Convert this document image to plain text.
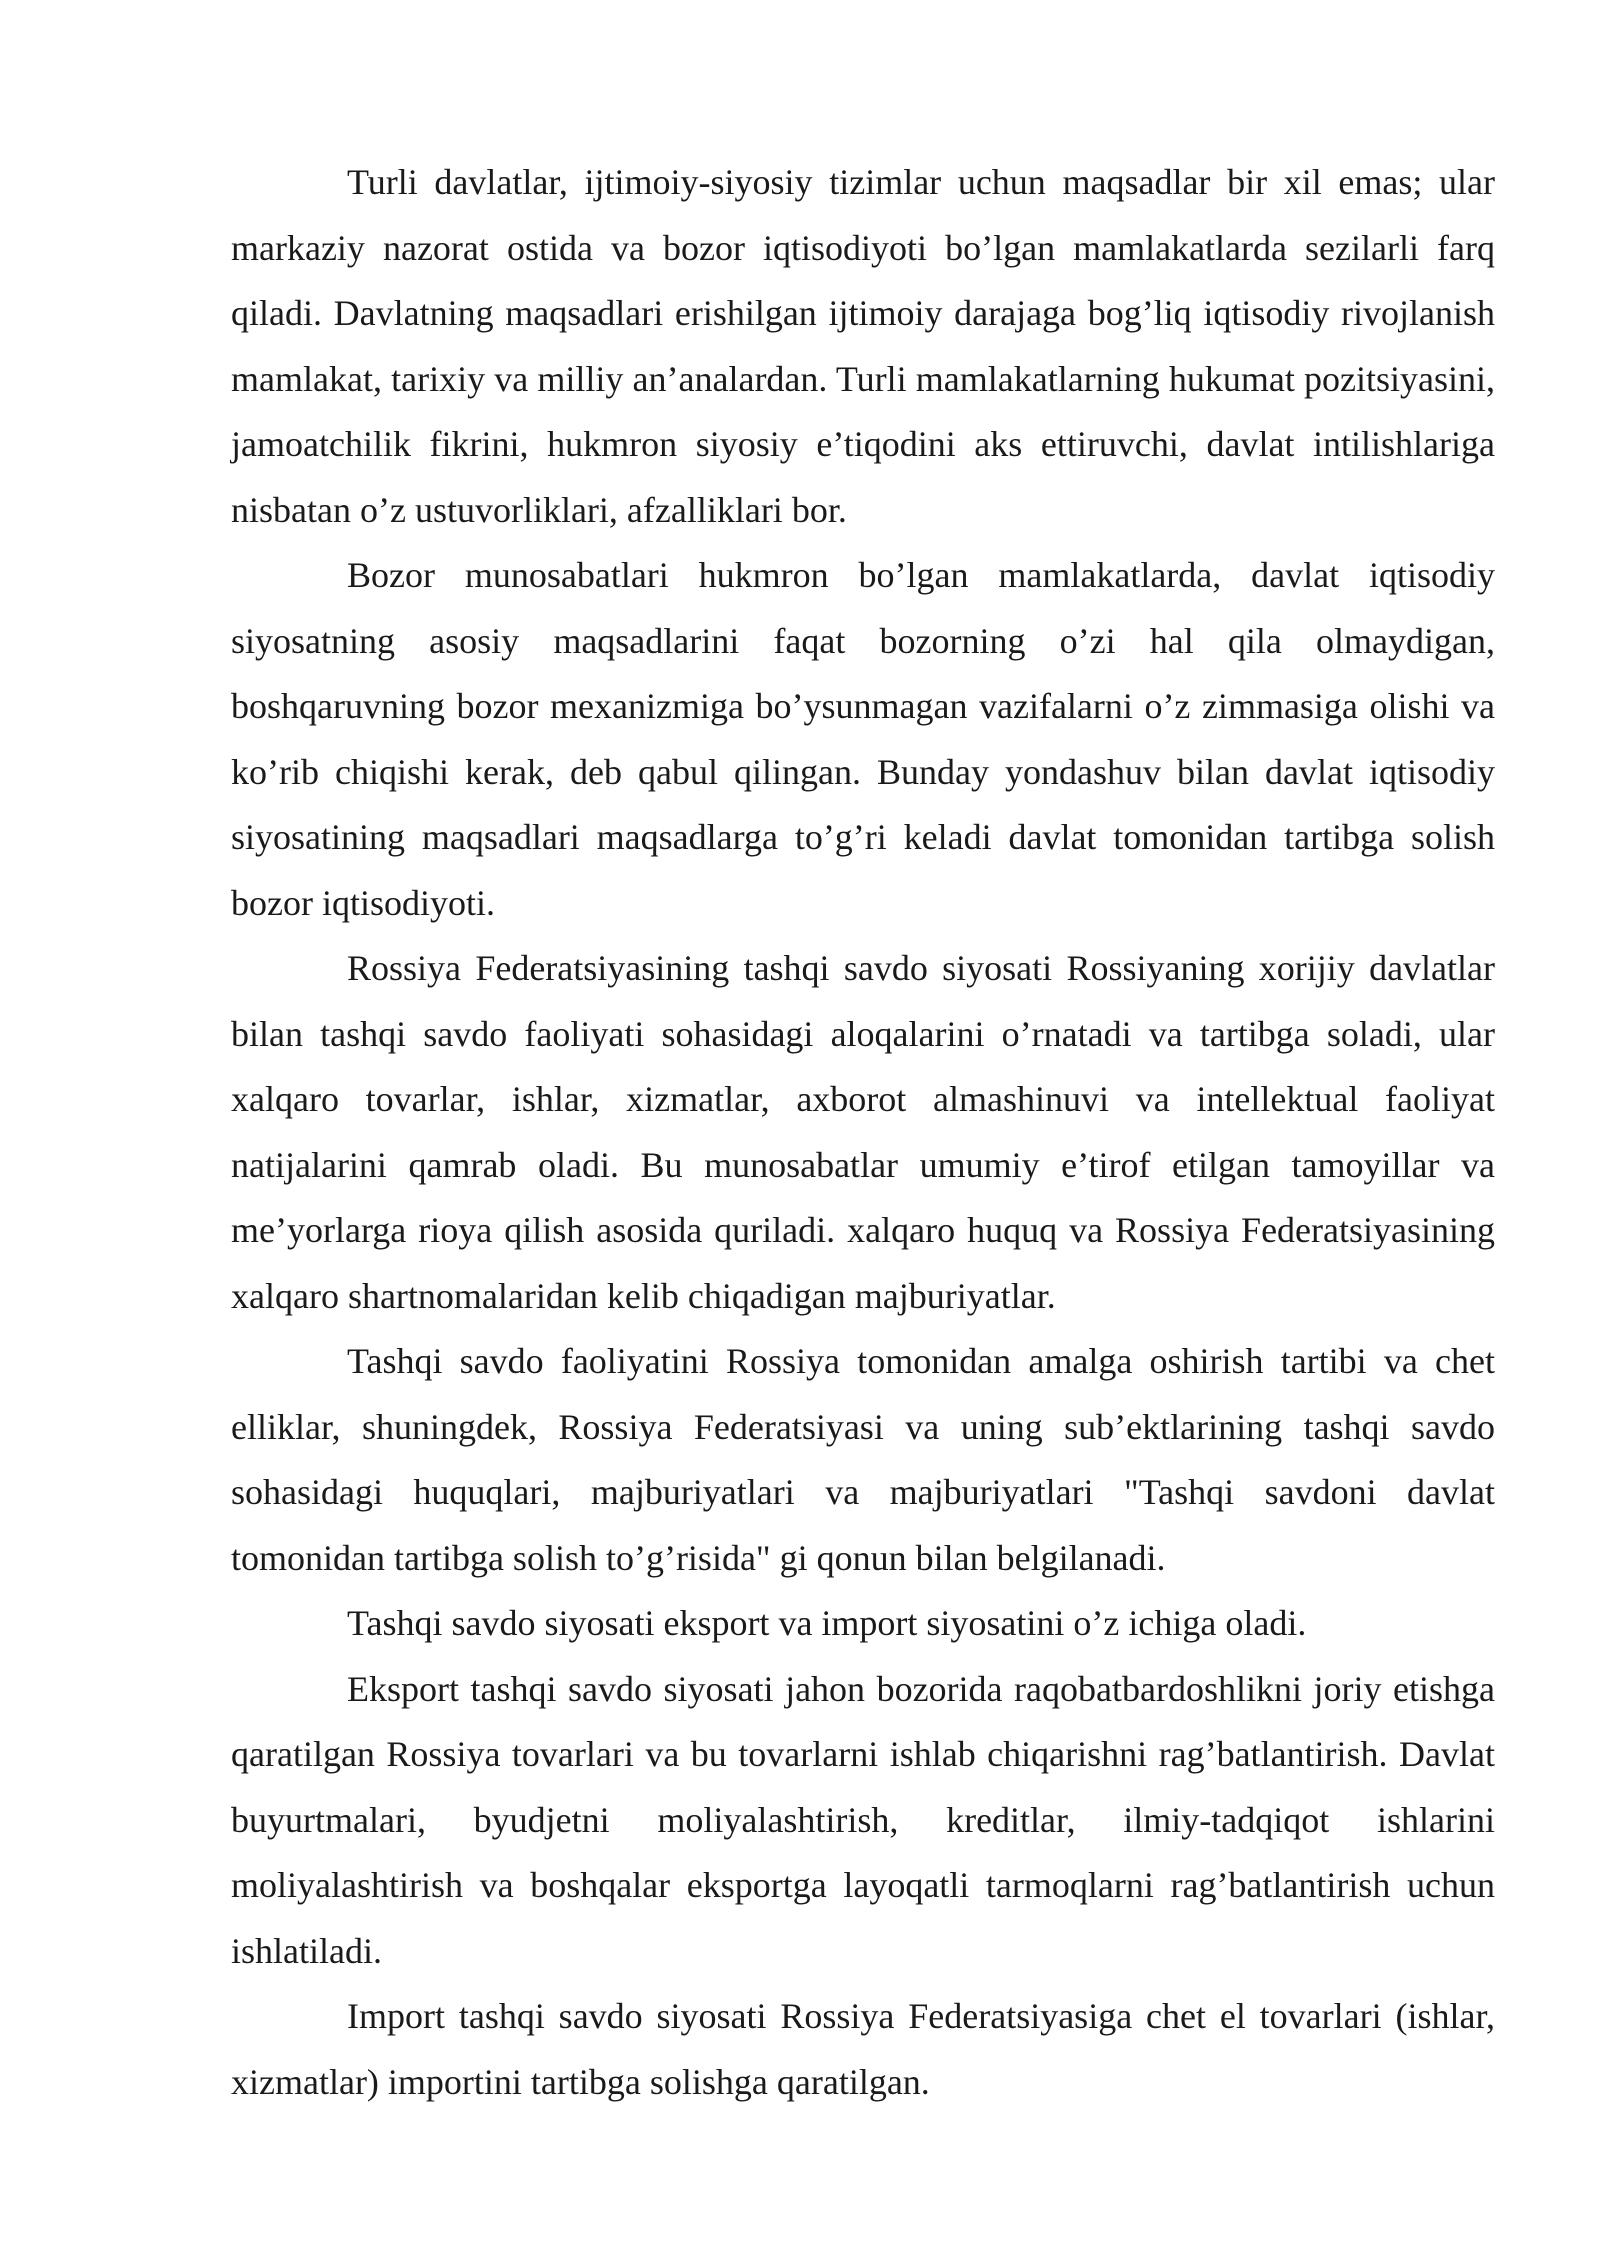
Turli davlatlar, ijtimoiy-siyosiy tizimlar uchun maqsadlar bir xil emas; ular markaziy nazorat ostida va bozor iqtisodiyoti bo’lgan mamlakatlarda sezilarli farq qiladi. Davlatning maqsadlari erishilgan ijtimoiy darajaga bog’liq iqtisodiy rivojlanish mamlakat, tarixiy va milliy an’analardan. Turli mamlakatlarning hukumat pozitsiyasini, jamoatchilik fikrini, hukmron siyosiy e’tiqodini aks ettiruvchi, davlat intilishlariga nisbatan o’z ustuvorliklari, afzalliklari bor.

Bozor munosabatlari hukmron bo’lgan mamlakatlarda, davlat iqtisodiy siyosatning asosiy maqsadlarini faqat bozorning o’zi hal qila olmaydigan, boshqaruvning bozor mexanizmiga bo’ysunmagan vazifalarni o’z zimmasiga olishi va ko’rib chiqishi kerak, deb qabul qilingan. Bunday yondashuv bilan davlat iqtisodiy siyosatining maqsadlari maqsadlarga to’g’ri keladi davlat tomonidan tartibga solish bozor iqtisodiyoti.

Rossiya Federatsiyasining tashqi savdo siyosati Rossiyaning xorijiy davlatlar bilan tashqi savdo faoliyati sohasidagi aloqalarini o’rnatadi va tartibga soladi, ular xalqaro tovarlar, ishlar, xizmatlar, axborot almashinuvi va intellektual faoliyat natijalarini qamrab oladi. Bu munosabatlar umumiy e’tirof etilgan tamoyillar va me’yorlarga rioya qilish asosida quriladi. xalqaro huquq va Rossiya Federatsiyasining xalqaro shartnomalaridan kelib chiqadigan majburiyatlar.

Tashqi savdo faoliyatini Rossiya tomonidan amalga oshirish tartibi va chet elliklar, shuningdek, Rossiya Federatsiyasi va uning sub’ektlarining tashqi savdo sohasidagi huquqlari, majburiyatlari va majburiyatlari "Tashqi savdoni davlat tomonidan tartibga solish to’g’risida" gi qonun bilan belgilanadi.

Tashqi savdo siyosati eksport va import siyosatini o’z ichiga oladi.

Eksport tashqi savdo siyosati jahon bozorida raqobatbardoshlikni joriy etishga qaratilgan Rossiya tovarlari va bu tovarlarni ishlab chiqarishni rag’batlantirish. Davlat buyurtmalari, byudjetni moliyalashtirish, kreditlar, ilmiy-tadqiqot ishlarini moliyalashtirish va boshqalar eksportga layoqatli tarmoqlarni rag’batlantirish uchun ishlatiladi.

Import tashqi savdo siyosati Rossiya Federatsiyasiga chet el tovarlari (ishlar, xizmatlar) importini tartibga solishga qaratilgan.
